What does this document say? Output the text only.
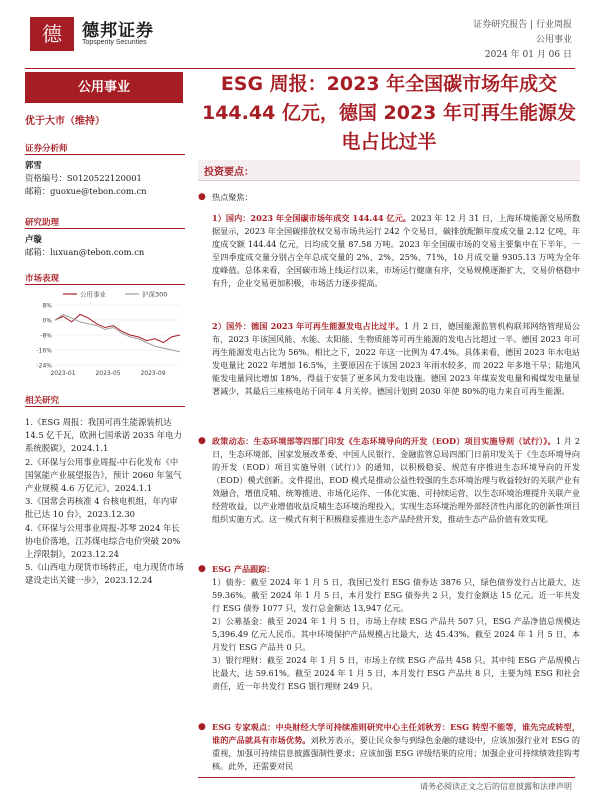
德 德邦证券
Topsperity Securities
证券研究报告 | 行业周报
公用事业
2024 年 01 月 06 日
公用事业
优于大市（维持）
证券分析师
郭雪
资格编号：S0120522120001
邮箱：guoxue@tebon.com.cn
研究助理
卢璇
邮箱：luxuan@tebon.com.cn
市场表现
8%
0%
-8%
-16%
-24%
2023-01	2023-05	2023-09
公用事业	沪深300
相关研究

1.《ESG 周报：我国可再生能源装机达 14.5 亿千瓦，欧洲七国承诺 2035 年电力系统脱碳》，2024.1.1

2.《环保与公用事业周报-中石化发布《中国氢能产业展望报告》，预计 2060 年氢气产业规模 4.6 万亿元》，2024.1.1

3.《国常会再核准 4 台核电机组，年内审批已达 10 台》，2023.12.30

4.《环保与公用事业周报-苏琴 2024 年长协电价落地，江苏煤电综合电价突破 20%上浮限制》，2023.12.24

5.《山西电力现货市场转正，电力现货市场建设走出关键一步》，2023.12.24

ESG 周报：2023 年全国碳市场年成交 144.44 亿元，德国 2023 年可再生能源发电占比过半
投资要点：
● 热点聚焦：

1）国内：2023 年全国碳市场年成交 144.44 亿元。2023 年 12 月 31 日，上海环境能源交易所数据显示，2023 年全国碳排放权交易市场共运行 242 个交易日，碳排放配额年度成交量 2.12 亿吨，年度成交额 144.44 亿元，日均成交量 87.58 万吨。2023 年全国碳市场的交易主要集中在下半年，一至四季度成交量分别占全年总成交量的 2%、2%、25%、71%，10 月成交量 9305.13 万吨为全年度峰值。总体来看，全国碳市场上线运行以来，市场运行健康有序，交易规模逐渐扩大，交易价格稳中有升，企业交易更加积极，市场活力逐步提高。

2）国外：德国 2023 年可再生能源发电占比过半。1 月 2 日，德国能源监管机构联邦网络管理局公布，2023 年该国风能、水能、太阳能、生物质能等可再生能源的发电占比超过一半。德国 2023 年可再生能源发电占比为 56%。相比之下，2022 年这一比例为 47.4%。具体来看，德国 2023 年水电站发电量比 2022 年增加 16.5%，主要原因在于该国 2023 年雨水较多，而 2022 年多地干旱；陆地风能发电量同比增加 18%，得益于安装了更多风力发电设施。德国 2023 年煤炭发电量和褐煤发电量显著减少，其最后三座核电站于同年 4 月关停。德国计划到 2030 年使 80%的电力来自可再生能源。

● 政策动态：生态环境部等四部门印发《生态环境导向的开发（EOD）项目实施导则（试行）》。1 月 2 日，生态环境部、国家发展改革委、中国人民银行、金融监管总局四部门日前印发关于《生态环境导向的开发（EOD）项目实施导则（试行）》的通知，以积极稳妥、规范有序推进生态环境导向的开发（EOD）模式创新。文件提出，EOD 模式是推动公益性较强的生态环境治理与收益较好的关联产业有效融合，增值反哺、统筹推进、市场化运作、一体化实施、可持续运营，以生态环境治理提升关联产业经营收益，以产业增值收益反哺生态环境治理投入，实现生态环境治理外部经济性内部化的创新性项目组织实施方式。这一模式有利于积极稳妥推进生态产品经营开发，推动生态产品价值有效实现。

● ESG 产品跟踪：

1）债券：截至 2024 年 1 月 5 日，我国已发行 ESG 债券达 3876 只，绿色债券发行占比最大，达 59.36%。截至 2024 年 1 月 5 日，本月发行 ESG 债券共 2 只，发行金额达 15 亿元。近一年共发行 ESG 债券 1077 只，发行总金额达 13,947 亿元。

2）公募基金：截至 2024 年 1 月 5 日，市场上存续 ESG 产品共 507 只，ESG 产品净值总规模达 5,396.49 亿元人民币。其中环境保护产品规模占比最大，达 45.43%。截至 2024 年 1 月 5 日，本月发行 ESG 产品共 0 只。

3）银行理财：截至 2024 年 1 月 5 日，市场上存续 ESG 产品共 458 只。其中纯 ESG 产品规模占比最大，达 59.61%。截至 2024 年 1 月 5 日，本月发行 ESG 产品共 8 只，主要为纯 ESG 和社会责任，近一年共发行 ESG 银行理财 249 只。

● ESG 专家观点：中央财经大学可持续准则研究中心主任刘秋芳：ESG 转型不能等，谁先完成转型，谁的产品就具有市场优势。刘秋芳表示，要让民众参与到绿色金融的建设中，应该加强行业对 ESG 的重视，加强可持续信息披露强制性要求；应该加强 ESG 评级结果的应用；加强企业可持续绩效挂钩考核。此外，还需要对民

请务必阅读正文之后的信息披露和法律声明
